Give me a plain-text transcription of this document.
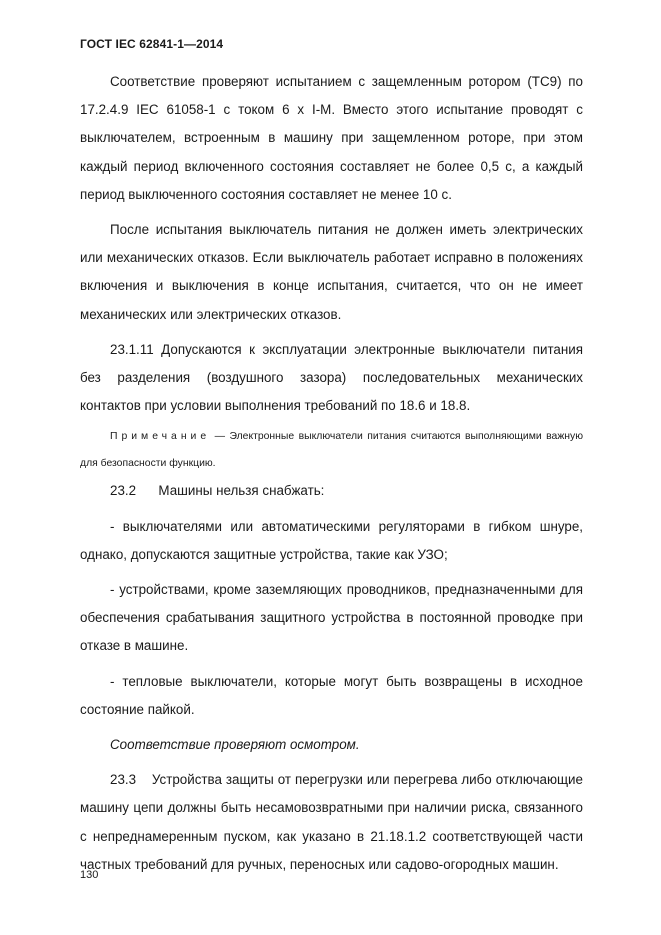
ГОСТ IEC 62841-1—2014

Соответствие проверяют испытанием с защемленным ротором (ТС9) по 17.2.4.9 IEC 61058-1 с током 6 х I-M. Вместо этого испытание проводят с выключателем, встроенным в машину при защемленном роторе, при этом каждый период включенного состояния составляет не более 0,5 с, а каждый период выключенного состояния составляет не менее 10 с.

После испытания выключатель питания не должен иметь электрических или механических отказов. Если выключатель работает исправно в положениях включения и выключения в конце испытания, считается, что он не имеет механических или электрических отказов.

23.1.11 Допускаются к эксплуатации электронные выключатели питания без разделения (воздушного зазора) последовательных механических контактов при условии выполнения требований по 18.6 и 18.8.

Примечание — Электронные выключатели питания считаются выполняющими важную для безопасности функцию.

23.2      Машины нельзя снабжать:

- выключателями или автоматическими регуляторами в гибком шнуре, однако, допускаются защитные устройства, такие как УЗО;

- устройствами, кроме заземляющих проводников, предназначенными для обеспечения срабатывания защитного устройства в постоянной проводке при отказе в машине.

- тепловые выключатели, которые могут быть возвращены в исходное состояние пайкой.

Соответствие проверяют осмотром.

23.3    Устройства защиты от перегрузки или перегрева либо отключающие машину цепи должны быть несамовозвратными при наличии риска, связанного с непреднамеренным пуском, как указано в 21.18.1.2 соответствующей части частных требований для ручных, переносных или садово-огородных машин.

130
